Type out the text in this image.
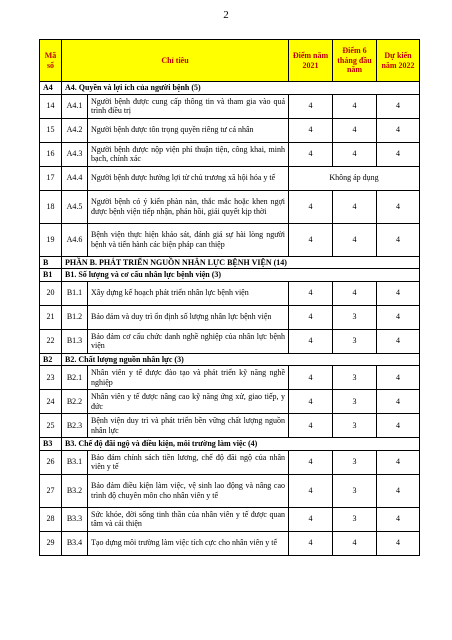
2
Mã số	Chỉ tiêu		Điểm năm 2021	Điểm 6 tháng đầu năm	Dự kiến năm 2022
A4	A4. Quyền và lợi ích của người bệnh (5)				
14	A4.1	Người bệnh được cung cấp thông tin và tham gia vào quá trình điều trị	4	4	4
15	A4.2	Người bệnh được tôn trọng quyền riêng tư cá nhân	4	4	4
16	A4.3	Người bệnh được nộp viện phí thuận tiện, công khai, minh bạch, chính xác	4	4	4
17	A4.4	Người bệnh được hưởng lợi từ chủ trương xã hội hóa y tế	Không áp dụng		
18	A4.5	Người bệnh có ý kiến phàn nàn, thắc mắc hoặc khen ngợi được bệnh viện tiếp nhận, phản hồi, giải quyết kịp thời	4	4	4
19	A4.6	Bệnh viện thực hiện khảo sát, đánh giá sự hài lòng người bệnh và tiến hành các biện pháp can thiệp	4	4	4
B	PHẦN B. PHÁT TRIỂN NGUỒN NHÂN LỰC BỆNH VIỆN (14)				
B1	B1. Số lượng và cơ cấu nhân lực bệnh viện (3)				
20	B1.1	Xây dựng kế hoạch phát triển nhân lực bệnh viện	4	4	4
21	B1.2	Bảo đảm và duy trì ổn định số lượng nhân lực bệnh viện	4	3	4
22	B1.3	Bảo đảm cơ cấu chức danh nghề nghiệp của nhân lực bệnh viện	4	3	4
B2	B2. Chất lượng nguồn nhân lực (3)				
23	B2.1	Nhân viên y tế được đào tạo và phát triển kỹ năng nghề nghiệp	4	3	4
24	B2.2	Nhân viên y tế được nâng cao kỹ năng ứng xử, giao tiếp, y đức	4	3	4
25	B2.3	Bệnh viện duy trì và phát triển bền vững chất lượng nguồn nhân lực	4	3	4
B3	B3. Chế độ đãi ngộ và điều kiện, môi trường làm việc (4)				
26	B3.1	Bảo đảm chính sách tiền lương, chế độ đãi ngộ của nhân viên y tế	4	3	4
27	B3.2	Bảo đảm điều kiện làm việc, vệ sinh lao động và nâng cao trình độ chuyên môn cho nhân viên y tế	4	3	4
28	B3.3	Sức khỏe, đời sống tinh thần của nhân viên y tế được quan tâm và cải thiện	4	3	4
29	B3.4	Tạo dựng môi trường làm việc tích cực cho nhân viên y tế	4	4	4
